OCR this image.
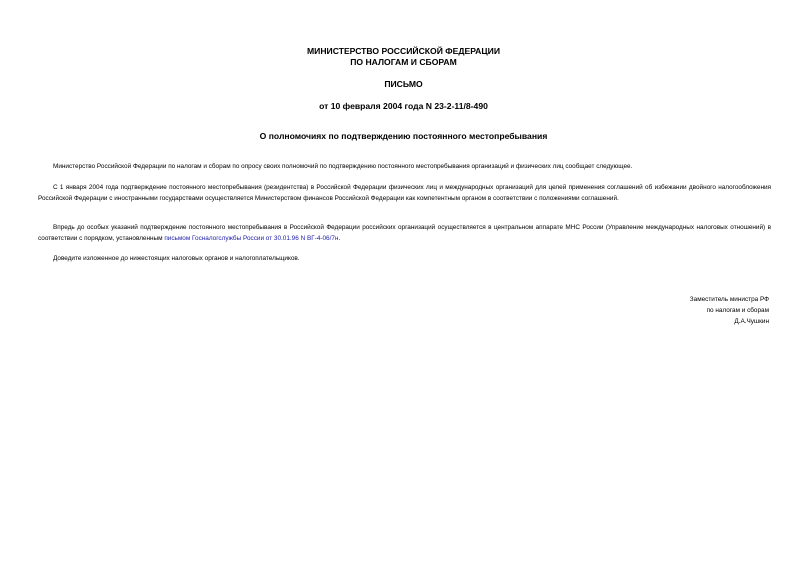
МИНИСТЕРСТВО РОССИЙСКОЙ ФЕДЕРАЦИИ
ПО НАЛОГАМ И СБОРАМ
ПИСЬМО
от 10 февраля 2004 года N 23-2-11/8-490
О полномочиях по подтверждению постоянного местопребывания

Министерство Российской Федерации по налогам и сборам по опросу своих полномочий по подтверждению постоянного местопребывания организаций и физических лиц сообщает следующее.

С 1 января 2004 года подтверждение постоянного местопребывания (резидентства) в Российской Федерации физических лиц и международных организаций для целей применения соглашений об избежании двойного налогообложения Российской Федерации с иностранными государствами осуществляется Министерством финансов Российской Федерации как компетентным органом в соответствии с положениями соглашений.

Впредь до особых указаний подтверждение постоянного местопребывания в Российской Федерации российских организаций осуществляется в центральном аппарате МНС России (Управление международных налоговых отношений) в соответствии с порядком, установленным письмом Госналогслужбы России от 30.01.96 N ВГ-4-06/7н.

Доведите изложенное до нижестоящих налоговых органов и налогоплательщиков.

Заместитель министра РФ
по налогам и сборам
Д.А.Чушкин
